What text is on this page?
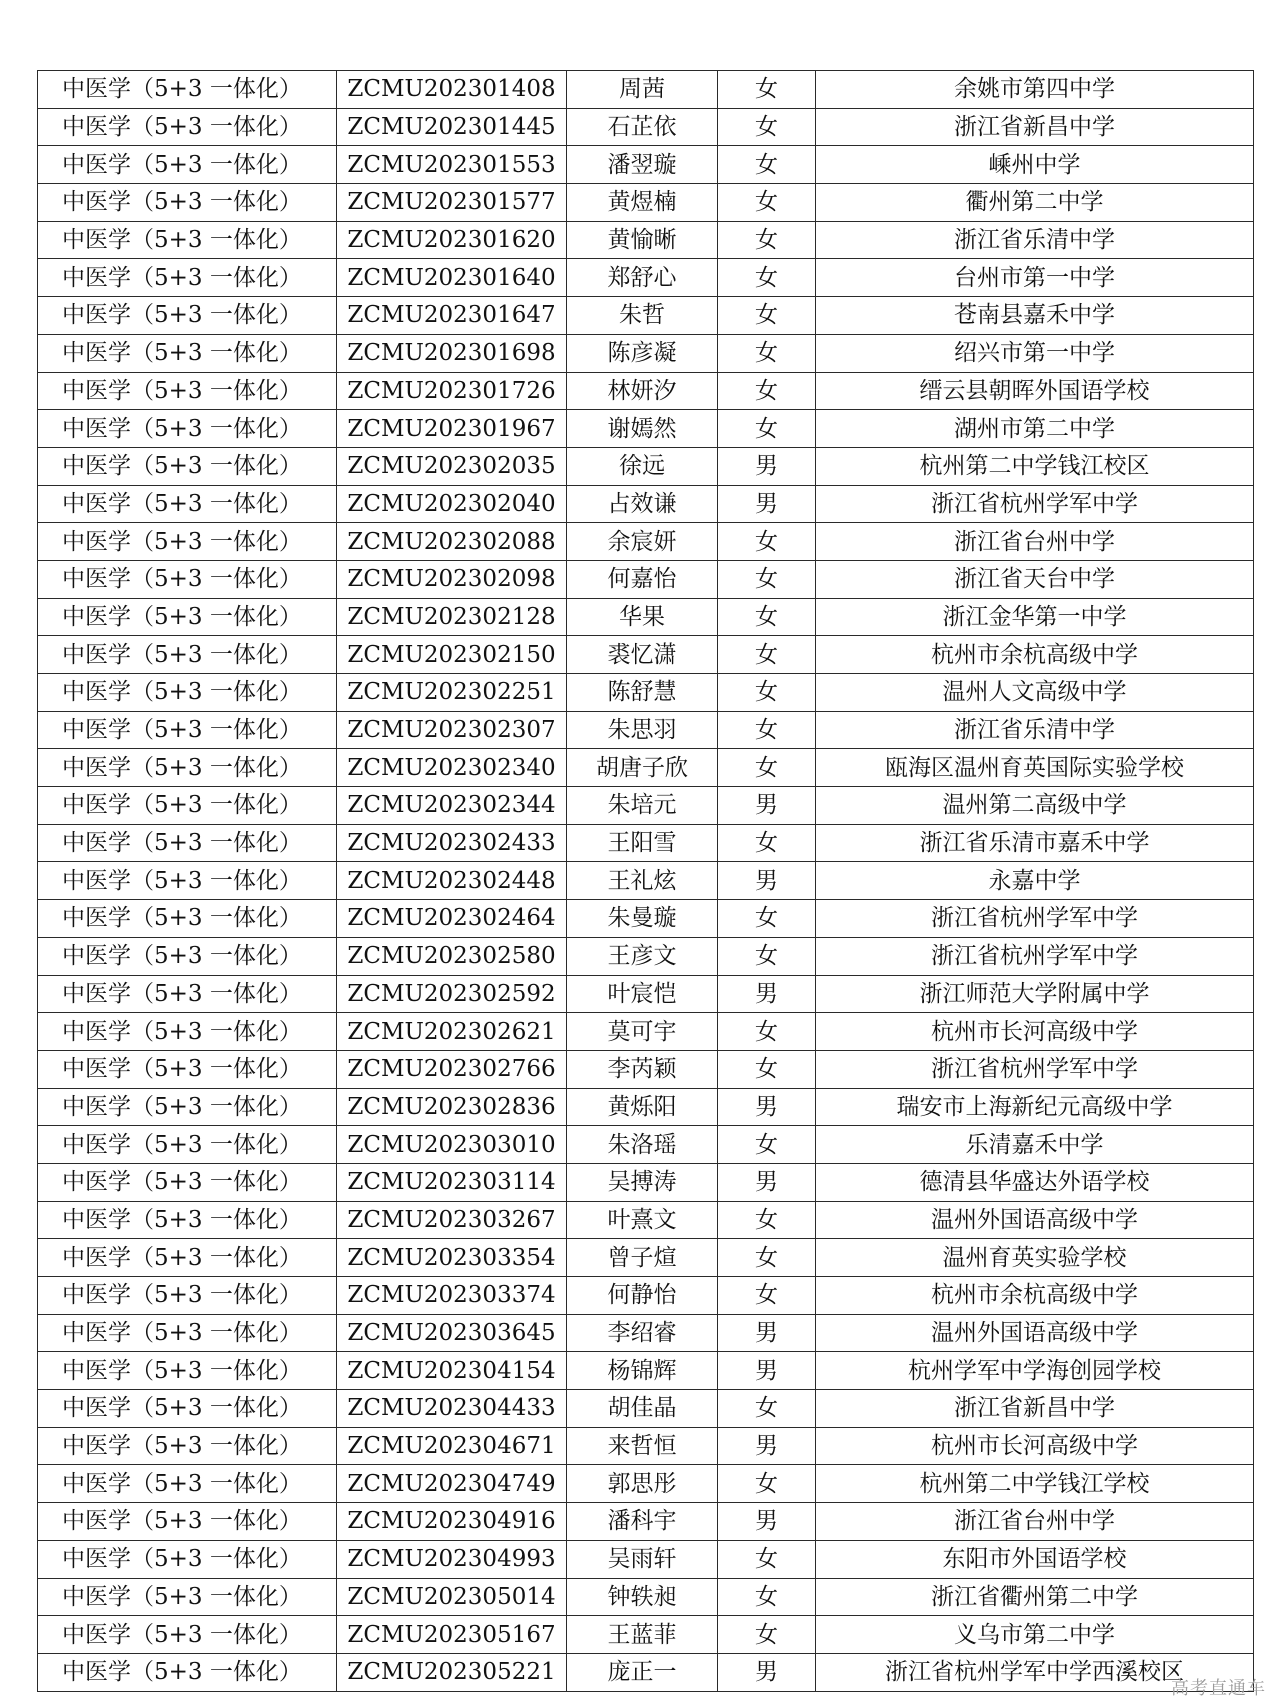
中医学（5+3 一体化）	ZCMU202301408	周茜	女	余姚市第四中学
中医学（5+3 一体化）	ZCMU202301445	石芷依	女	浙江省新昌中学
中医学（5+3 一体化）	ZCMU202301553	潘翌璇	女	嵊州中学
中医学（5+3 一体化）	ZCMU202301577	黄煜楠	女	衢州第二中学
中医学（5+3 一体化）	ZCMU202301620	黄愉晰	女	浙江省乐清中学
中医学（5+3 一体化）	ZCMU202301640	郑舒心	女	台州市第一中学
中医学（5+3 一体化）	ZCMU202301647	朱哲	女	苍南县嘉禾中学
中医学（5+3 一体化）	ZCMU202301698	陈彦凝	女	绍兴市第一中学
中医学（5+3 一体化）	ZCMU202301726	林妍汐	女	缙云县朝晖外国语学校
中医学（5+3 一体化）	ZCMU202301967	谢嫣然	女	湖州市第二中学
中医学（5+3 一体化）	ZCMU202302035	徐远	男	杭州第二中学钱江校区
中医学（5+3 一体化）	ZCMU202302040	占效谦	男	浙江省杭州学军中学
中医学（5+3 一体化）	ZCMU202302088	余宸妍	女	浙江省台州中学
中医学（5+3 一体化）	ZCMU202302098	何嘉怡	女	浙江省天台中学
中医学（5+3 一体化）	ZCMU202302128	华果	女	浙江金华第一中学
中医学（5+3 一体化）	ZCMU202302150	裘忆潇	女	杭州市余杭高级中学
中医学（5+3 一体化）	ZCMU202302251	陈舒慧	女	温州人文高级中学
中医学（5+3 一体化）	ZCMU202302307	朱思羽	女	浙江省乐清中学
中医学（5+3 一体化）	ZCMU202302340	胡唐子欣	女	瓯海区温州育英国际实验学校
中医学（5+3 一体化）	ZCMU202302344	朱培元	男	温州第二高级中学
中医学（5+3 一体化）	ZCMU202302433	王阳雪	女	浙江省乐清市嘉禾中学
中医学（5+3 一体化）	ZCMU202302448	王礼炫	男	永嘉中学
中医学（5+3 一体化）	ZCMU202302464	朱曼璇	女	浙江省杭州学军中学
中医学（5+3 一体化）	ZCMU202302580	王彦文	女	浙江省杭州学军中学
中医学（5+3 一体化）	ZCMU202302592	叶宸恺	男	浙江师范大学附属中学
中医学（5+3 一体化）	ZCMU202302621	莫可宇	女	杭州市长河高级中学
中医学（5+3 一体化）	ZCMU202302766	李芮颖	女	浙江省杭州学军中学
中医学（5+3 一体化）	ZCMU202302836	黄烁阳	男	瑞安市上海新纪元高级中学
中医学（5+3 一体化）	ZCMU202303010	朱洛瑶	女	乐清嘉禾中学
中医学（5+3 一体化）	ZCMU202303114	吴搏涛	男	德清县华盛达外语学校
中医学（5+3 一体化）	ZCMU202303267	叶熹文	女	温州外国语高级中学
中医学（5+3 一体化）	ZCMU202303354	曾子煊	女	温州育英实验学校
中医学（5+3 一体化）	ZCMU202303374	何静怡	女	杭州市余杭高级中学
中医学（5+3 一体化）	ZCMU202303645	李绍睿	男	温州外国语高级中学
中医学（5+3 一体化）	ZCMU202304154	杨锦辉	男	杭州学军中学海创园学校
中医学（5+3 一体化）	ZCMU202304433	胡佳晶	女	浙江省新昌中学
中医学（5+3 一体化）	ZCMU202304671	来哲恒	男	杭州市长河高级中学
中医学（5+3 一体化）	ZCMU202304749	郭思彤	女	杭州第二中学钱江学校
中医学（5+3 一体化）	ZCMU202304916	潘科宇	男	浙江省台州中学
中医学（5+3 一体化）	ZCMU202304993	吴雨轩	女	东阳市外国语学校
中医学（5+3 一体化）	ZCMU202305014	钟轶昶	女	浙江省衢州第二中学
中医学（5+3 一体化）	ZCMU202305167	王蓝菲	女	义乌市第二中学
中医学（5+3 一体化）	ZCMU202305221	庞正一	男	浙江省杭州学军中学西溪校区
高考直通车
